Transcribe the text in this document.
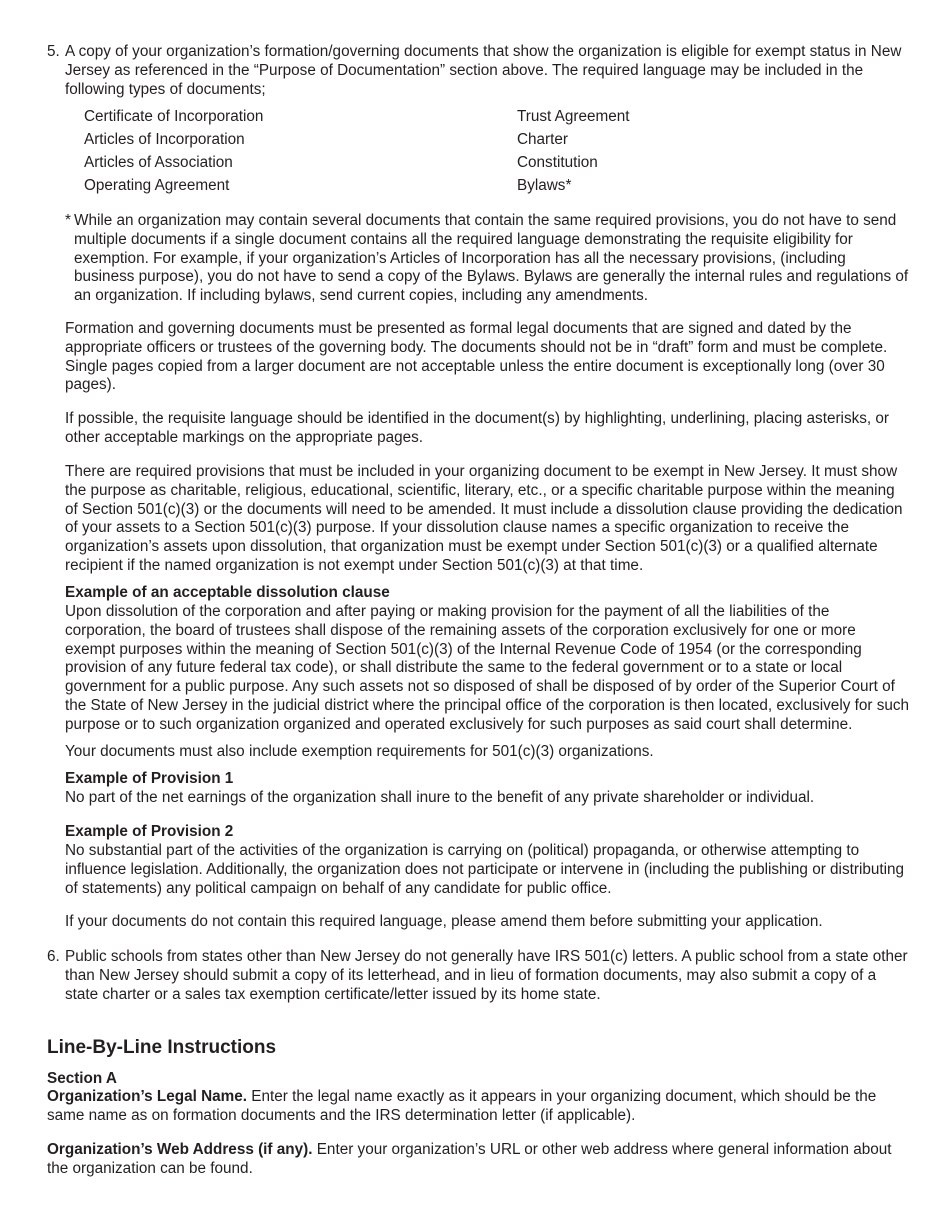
5. A copy of your organization’s formation/governing documents that show the organization is eligible for exempt status in New Jersey as referenced in the “Purpose of Documentation” section above. The required language may be included in the following types of documents;

Certificate of Incorporation
Articles of Incorporation
Articles of Association
Operating Agreement
Trust Agreement
Charter
Constitution
Bylaws*
* While an organization may contain several documents that contain the same required provisions, you do not have to send multiple documents if a single document contains all the required language demonstrating the requisite eligibility for exemption. For example, if your organization’s Articles of Incorporation has all the necessary provisions, (including business purpose), you do not have to send a copy of the Bylaws. Bylaws are generally the internal rules and regulations of an organization. If including bylaws, send current copies, including any amendments.

Formation and governing documents must be presented as formal legal documents that are signed and dated by the appropriate officers or trustees of the governing body. The documents should not be in “draft” form and must be complete. Single pages copied from a larger document are not acceptable unless the entire document is exceptionally long (over 30 pages).

If possible, the requisite language should be identified in the document(s) by highlighting, underlining, placing asterisks, or other acceptable markings on the appropriate pages.

There are required provisions that must be included in your organizing document to be exempt in New Jersey. It must show the purpose as charitable, religious, educational, scientific, literary, etc., or a specific charitable purpose within the meaning of Section 501(c)(3) or the documents will need to be amended. It must include a dissolution clause providing the dedication of your assets to a Section 501(c)(3) purpose. If your dissolution clause names a specific organization to receive the organization’s assets upon dissolution, that organization must be exempt under Section 501(c)(3) or a qualified alternate recipient if the named organization is not exempt under Section 501(c)(3) at that time.

Example of an acceptable dissolution clause

Upon dissolution of the corporation and after paying or making provision for the payment of all the liabilities of the corporation, the board of trustees shall dispose of the remaining assets of the corporation exclusively for one or more exempt purposes within the meaning of Section 501(c)(3) of the Internal Revenue Code of 1954 (or the corresponding provision of any future federal tax code), or shall distribute the same to the federal government or to a state or local government for a public purpose. Any such assets not so disposed of shall be disposed of by order of the Superior Court of the State of New Jersey in the judicial district where the principal office of the corporation is then located, exclusively for such purpose or to such organization organized and operated exclusively for such purposes as said court shall determine.

Your documents must also include exemption requirements for 501(c)(3) organizations.

Example of Provision 1

No part of the net earnings of the organization shall inure to the benefit of any private shareholder or individual.

Example of Provision 2

No substantial part of the activities of the organization is carrying on (political) propaganda, or otherwise attempting to influence legislation. Additionally, the organization does not participate or intervene in (including the publishing or distributing of statements) any political campaign on behalf of any candidate for public office.

If your documents do not contain this required language, please amend them before submitting your application.

6. Public schools from states other than New Jersey do not generally have IRS 501(c) letters. A public school from a state other than New Jersey should submit a copy of its letterhead, and in lieu of formation documents, may also submit a copy of a state charter or a sales tax exemption certificate/letter issued by its home state.

Line-By-Line Instructions

Section A

Organization’s Legal Name. Enter the legal name exactly as it appears in your organizing document, which should be the same name as on formation documents and the IRS determination letter (if applicable).

Organization’s Web Address (if any). Enter your organization’s URL or other web address where general information about the organization can be found.
